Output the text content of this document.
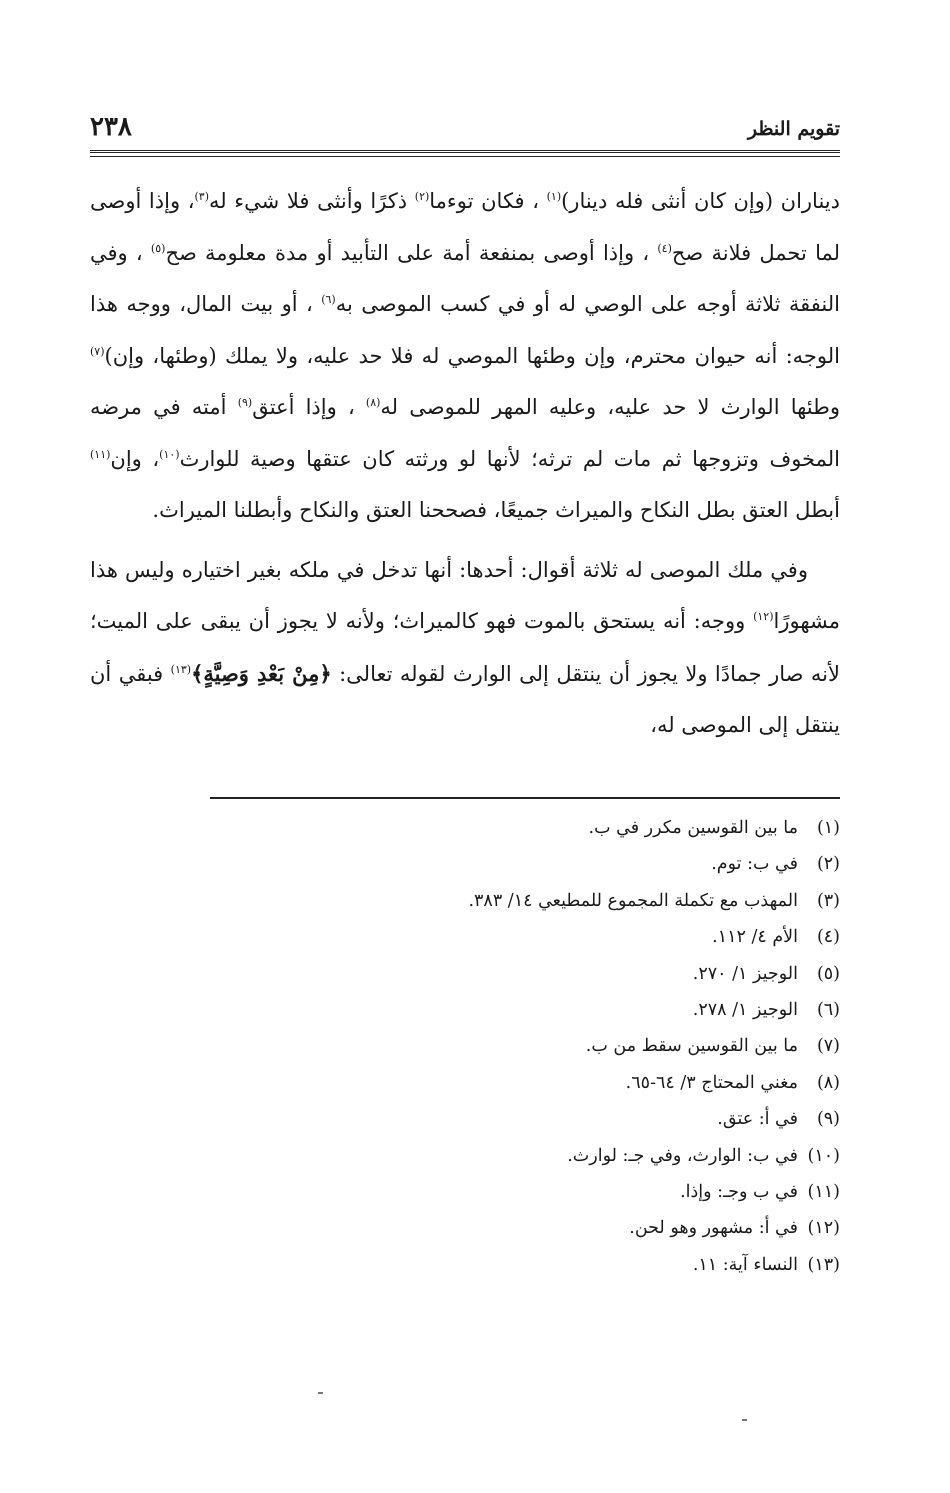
تقويم النظر
٢٣٨

ديناران (وإن كان أنثى فله دينار)$^{(١)}$ ، فكان توءما$^{(٢)}$ ذكرًا وأنثى فلا شيء له$^{(٣)}$، وإذا أوصى لما تحمل فلانة صح$^{(٤)}$ ، وإذا أوصى بمنفعة أمة على التأبيد أو مدة معلومة صح$^{(٥)}$ ، وفي النفقة ثلاثة أوجه على الوصي له أو في كسب الموصى به$^{(٦)}$ ، أو بيت المال، ووجه هذا الوجه: أنه حيوان محترم، وإن وطئها الموصي له فلا حد عليه، ولا يملك (وطئها، وإن)$^{(٧)}$ وطئها الوارث لا حد عليه، وعليه المهر للموصى له$^{(٨)}$ ، وإذا أعتق$^{(٩)}$ أمته في مرضه المخوف وتزوجها ثم مات لم ترثه؛ لأنها لو ورثته كان عتقها وصية للوارث$^{(١٠)}$، وإن$^{(١١)}$ أبطل العتق بطل النكاح والميراث جميعًا، فصححنا العتق والنكاح وأبطلنا الميراث.

وفي ملك الموصى له ثلاثة أقوال: أحدها: أنها تدخل في ملكه بغير اختياره وليس هذا مشهورًا$^{(١٢)}$ ووجه: أنه يستحق بالموت فهو كالميراث؛ ولأنه لا يجوز أن يبقى على الميت؛ لأنه صار جمادًا ولا يجوز أن ينتقل إلى الوارث لقوله تعالى: ﴿مِنْ بَعْدِ وَصِيَّةٍ﴾$^{(١٣)}$ فبقي أن ينتقل إلى الموصى له،

(١)ما بين القوسين مكرر في ب.
(٢)في ب: توم.
(٣)المهذب مع تكملة المجموع للمطيعي ١٤/ ٣٨٣.
(٤)الأم ٤/ ١١٢.
(٥)الوجيز ١/ ٢٧٠.
(٦)الوجيز ١/ ٢٧٨.
(٧)ما بين القوسين سقط من ب.
(٨)مغني المحتاج ٣/ ٦٤-٦٥.
(٩)في أ: عتق.
(١٠)في ب: الوارث، وفي جـ: لوارث.
(١١)في ب وجـ: وإذا.
(١٢)في أ: مشهور وهو لحن.
(١٣)النساء آية: ١١.
